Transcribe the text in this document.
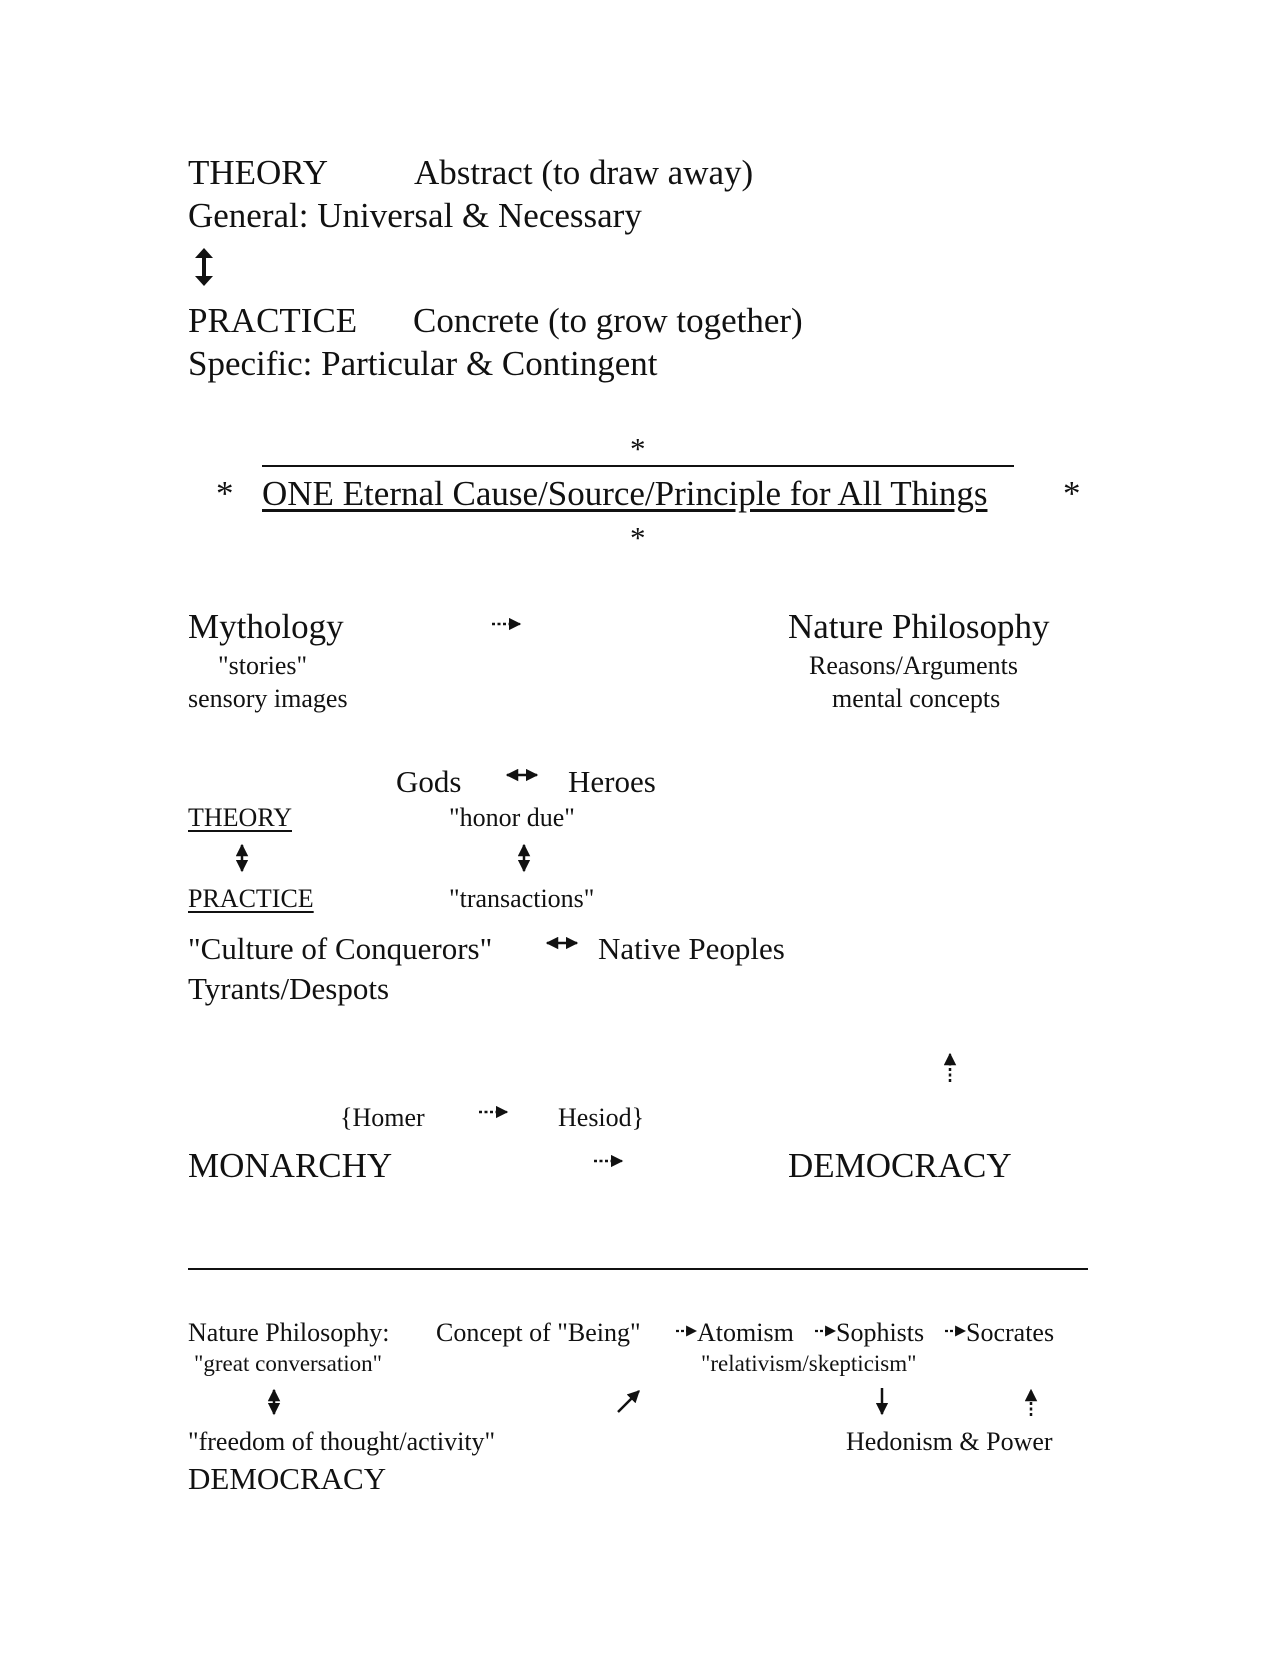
THEORY Abstract (to draw away)
General: Universal & Necessary
PRACTICE Concrete (to grow together)
Specific: Particular & Contingent
*
* ONE Eternal Cause/Source/Principle for All Things *
*
Mythology	Nature Philosophy
"stories"	Reasons/Arguments
sensory images	mental concepts
Gods	Heroes
THEORY	"honor due"
PRACTICE	"transactions"
"Culture of Conquerors"	Native Peoples
Tyrants/Despots
{Homer	Hesiod}
MONARCHY	DEMOCRACY
Nature Philosophy: Concept of "Being" Atomism Sophists Socrates
"great conversation"	"relativism/skepticism"
"freedom of thought/activity"	Hedonism & Power
DEMOCRACY
